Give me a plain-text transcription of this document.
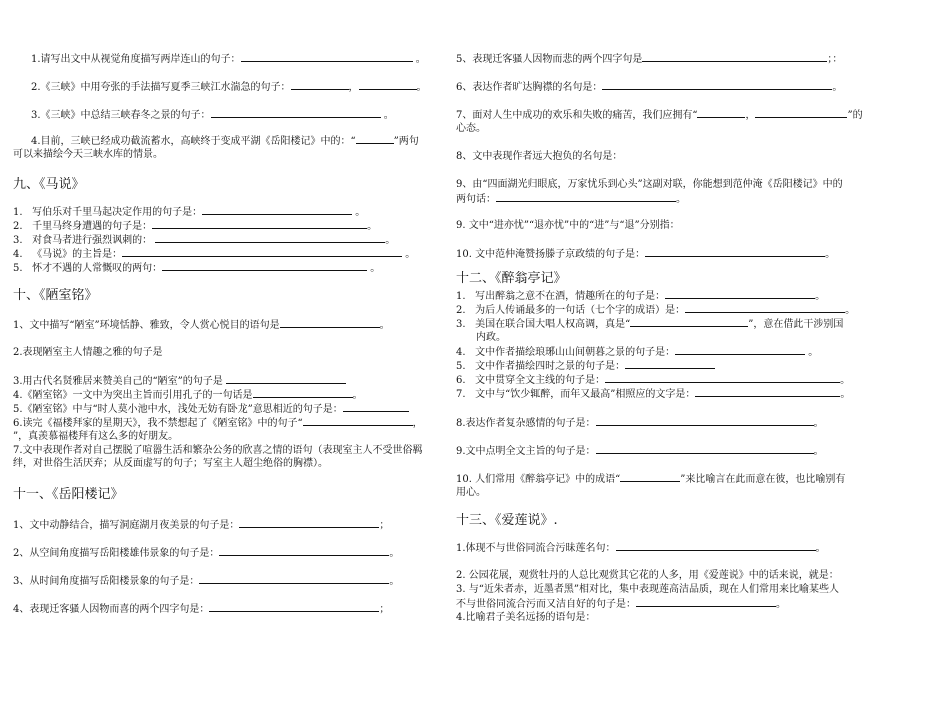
1.请写出文中从视觉角度描写两岸连山的句子：	。
2.《三峡》中用夸张的手法描写夏季三峡江水湍急的句子：	，	。
3.《三峡》中总结三峡春冬之景的句子：	。
4.目前，三峡已经成功截流蓄水，高峡终于变成平湖《岳阳楼记》中的：“	”两句
可以来描绘今天三峡水库的情景。
九、《马说》
1. 写伯乐对千里马起决定作用的句子是：	。
2. 千里马终身遭遇的句子是：	。
3. 对食马者进行强烈讽刺的：	。
4. 《马说》的主旨是：	。
5. 怀才不遇的人常慨叹的两句：	。
十、《陋室铭》
1、文中描写“陋室”环境恬静、雅致，令人赏心悦目的语句是	。
2.表现陋室主人情趣之雅的句子是
3.用古代名贤雅居来赞美自己的“陋室”的句子是
4.《陋室铭》一文中为突出主旨而引用孔子的一句话是	。
5.《陋室铭》中与“时人莫小池中水，浅处无妨有卧龙”意思相近的句子是：
6.读完《福楼拜家的星期天》，我不禁想起了《陋室铭》中的句子“	，
”，真羡慕福楼拜有这么多的好朋友。
7.文中表现作者对自己摆脱了喧嚣生活和繁杂公务的欣喜之情的语句（表现室主人不受世俗羁绊，对世俗生活厌弃；从反面虚写的句子；写室主人超尘绝俗的胸襟）。
十一、《岳阳楼记》
1、文中动静结合，描写洞庭湖月夜美景的句子是：	；
2、从空间角度描写岳阳楼雄伟景象的句子是：	。
3、从时间角度描写岳阳楼景象的句子是：	。
4、表现迁客骚人因物而喜的两个四字句是：	；
5、表现迁客骚人因物而悲的两个四字句是	；：
6、表达作者旷达胸襟的名句是：	。
7、面对人生中成功的欢乐和失败的痛苦，我们应拥有“	，	”的
心态。
8、文中表现作者远大抱负的名句是：
9、由“四面湖光归眼底，万家忧乐到心头”这副对联，你能想到范仲淹《岳阳楼记》中的
两句话：	。
9. 文中“进亦忧”“退亦忧”中的“进”与“退”分别指：
10. 文中范仲淹赞扬滕子京政绩的句子是：	。
十二、《醉翁亭记》
1. 写出醉翁之意不在酒，情趣所在的句子是：	。
2. 为后人传诵最多的一句话（七个字的成语）是：	。
3. 美国在联合国大唱人权高调，真是“	”，意在借此干涉别国
内政。
4. 文中作者描绘琅琊山山间朝暮之景的句子是：	。
5. 文中作者描绘四时之景的句子是：
6. 文中贯穿全文主线的句子是：	。
7. 文中与“饮少辄醉，而年又最高”相照应的文字是：	。
8.表达作者复杂感情的句子是：	。
9.文中点明全文主旨的句子是：	。
10. 人们常用《醉翁亭记》中的成语“	”来比喻言在此而意在彼，也比喻别有
用心。
十三、《爱莲说》.
1.体现不与世俗同流合污昧莲名句：	。
2. 公园花展，观赏牡丹的人总比观赏其它花的人多，用《爱莲说》中的话来说，就是：
3. 与“近朱者赤，近墨者黑”相对比，集中表现莲高洁品质，现在人们常用来比喻某些人
不与世俗同流合污而又洁自好的句子是：	。
4.比喻君子美名远扬的语句是：
